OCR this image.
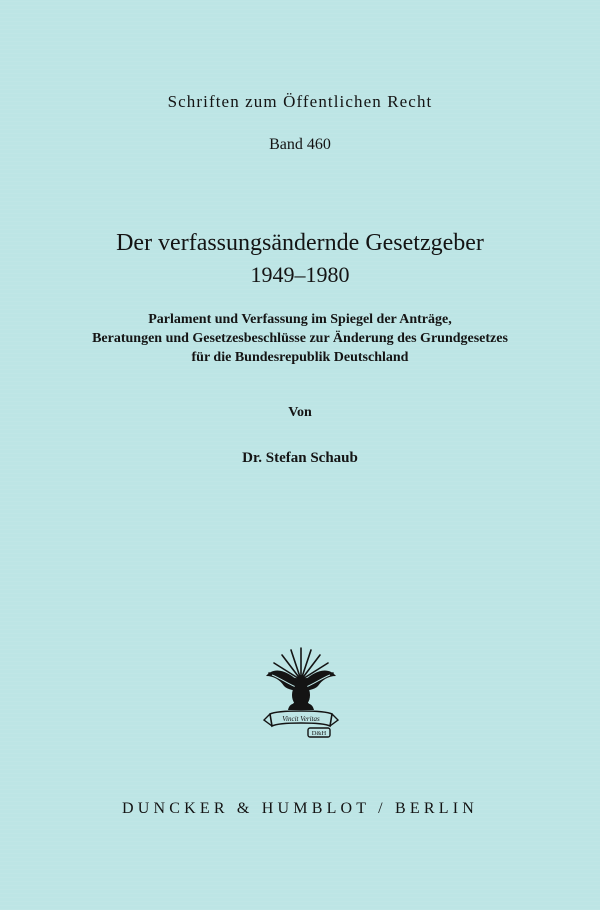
Schriften zum Öffentlichen Recht
Band 460
Der verfassungsändernde Gesetzgeber
1949–1980
Parlament und Verfassung im Spiegel der Anträge,
Beratungen und Gesetzesbeschlüsse zur Änderung des Grundgesetzes
für die Bundesrepublik Deutschland
Von
Dr. Stefan Schaub
Vincit Veritas
D&H
DUNCKER & HUMBLOT / BERLIN
